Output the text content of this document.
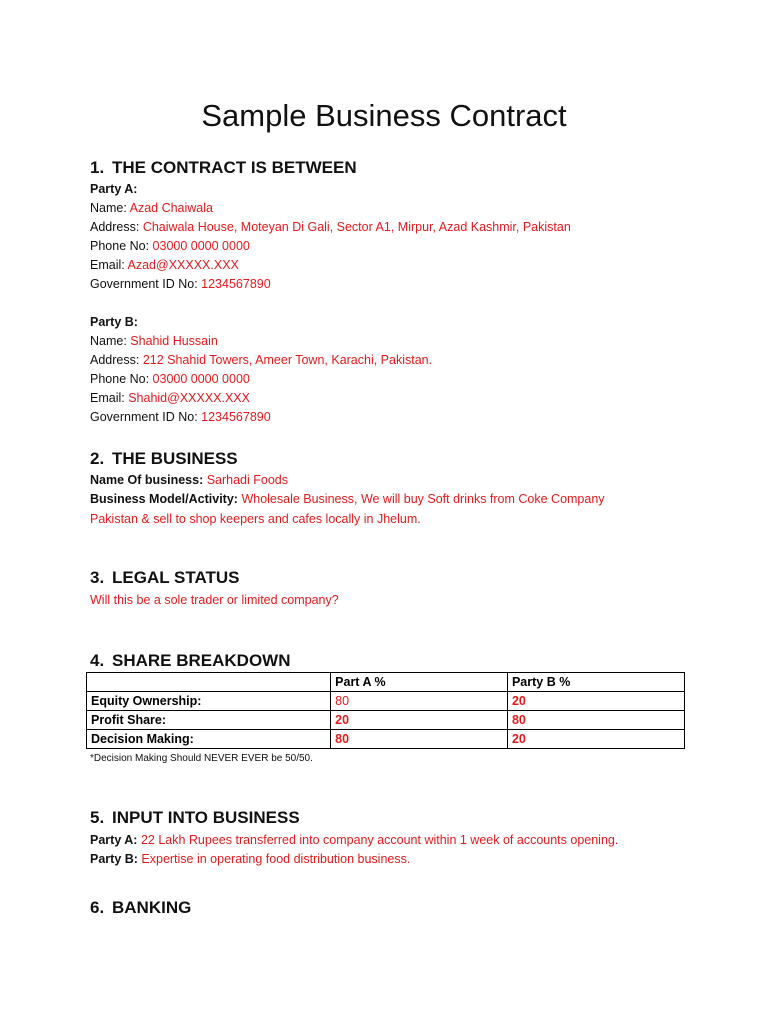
Sample Business Contract
1. THE CONTRACT IS BETWEEN
Party A:
Name: Azad Chaiwala
Address: Chaiwala House, Moteyan Di Gali, Sector A1, Mirpur, Azad Kashmir, Pakistan
Phone No: 03000 0000 0000
Email: Azad@XXXXX.XXX
Government ID No: 1234567890
Party B:
Name: Shahid Hussain
Address: 212 Shahid Towers, Ameer Town, Karachi, Pakistan.
Phone No: 03000 0000 0000
Email: Shahid@XXXXX.XXX
Government ID No: 1234567890
2. THE BUSINESS
Name Of business: Sarhadi Foods
Business Model/Activity: Wholesale Business, We will buy Soft drinks from Coke Company
Pakistan & sell to shop keepers and cafes locally in Jhelum.
3. LEGAL STATUS
Will this be a sole trader or limited company?
4. SHARE BREAKDOWN
	Part A %	Party B %
Equity Ownership:	80	20
Profit Share:	20	80
Decision Making:	80	20
*Decision Making Should NEVER EVER be 50/50.
5. INPUT INTO BUSINESS
Party A: 22 Lakh Rupees transferred into company account within 1 week of accounts opening.
Party B: Expertise in operating food distribution business.
6. BANKING
